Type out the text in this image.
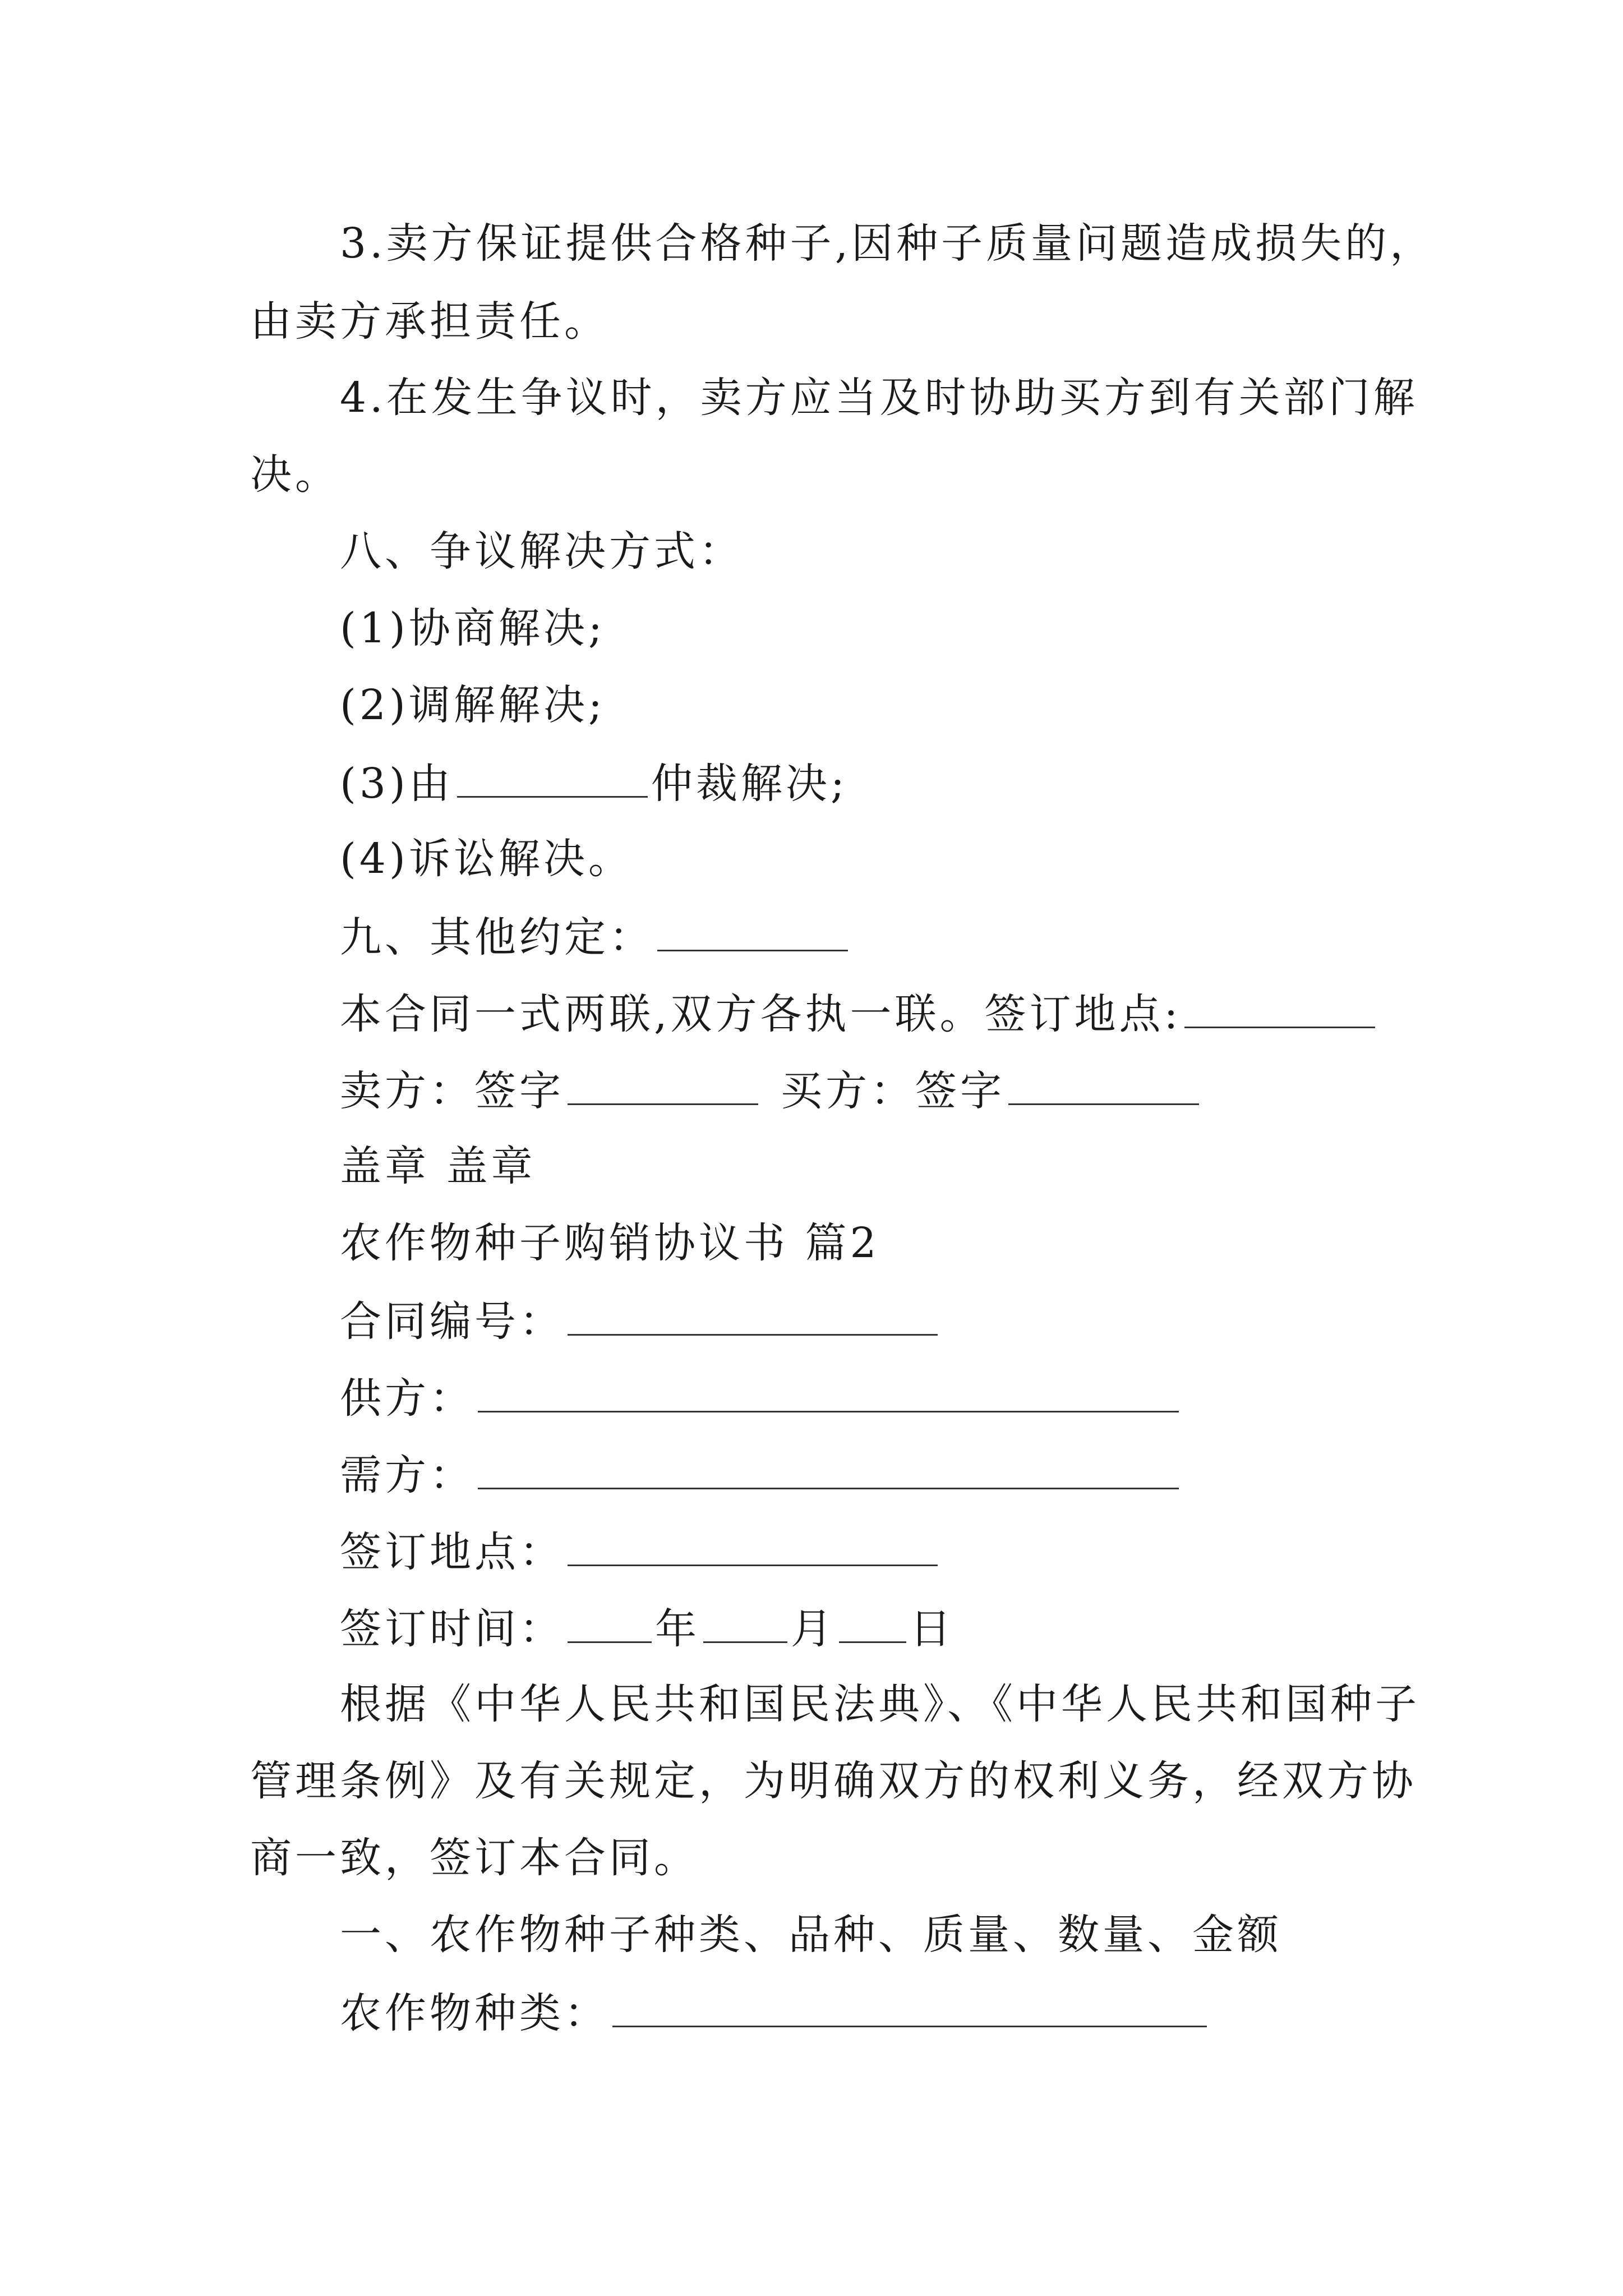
3.卖方保证提供合格种子,因种子质量问题造成损失的，
由卖方承担责任。
4.在发生争议时，卖方应当及时协助买方到有关部门解
决。
八、争议解决方式：
(1)协商解决;
(2)调解解决;
(3)由	仲裁解决;
(4)诉讼解决。
九、其他约定：
本合同一式两联,双方各执一联。签订地点:
卖方：签字	买方：签字
盖章 盖章
农作物种子购销协议书 篇2
合同编号：
供方：
需方：
签订地点：
签订时间： 年 月 日
根据《中华人民共和国民法典》、《中华人民共和国种子
管理条例》及有关规定，为明确双方的权利义务，经双方协
商一致，签订本合同。
一、农作物种子种类、品种、质量、数量、金额
农作物种类：
